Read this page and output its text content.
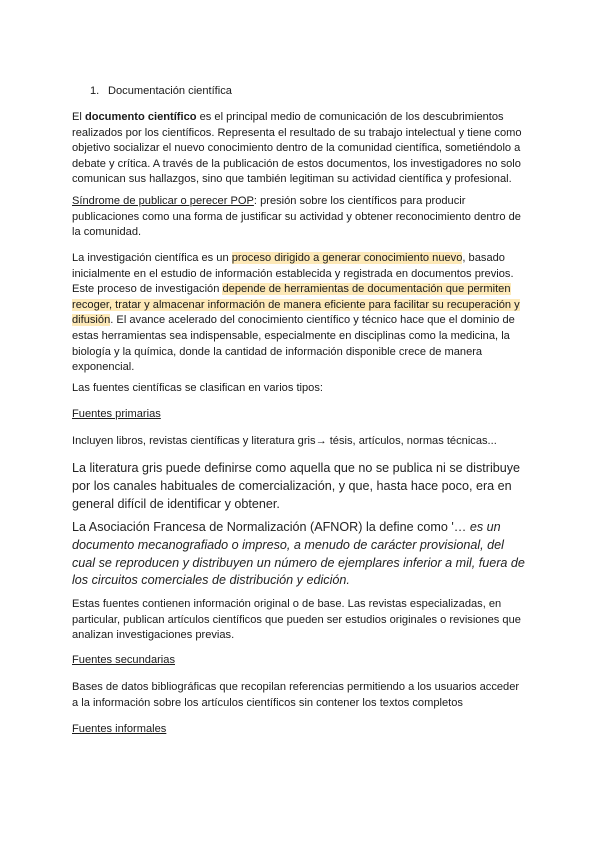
1. Documentación científica

El documento científico es el principal medio de comunicación de los descubrimientos realizados por los científicos. Representa el resultado de su trabajo intelectual y tiene como objetivo socializar el nuevo conocimiento dentro de la comunidad científica, sometiéndolo a debate y crítica. A través de la publicación de estos documentos, los investigadores no solo comunican sus hallazgos, sino que también legitiman su actividad científica y profesional.

Síndrome de publicar o perecer POP: presión sobre los científicos para producir publicaciones como una forma de justificar su actividad y obtener reconocimiento dentro de la comunidad.

La investigación científica es un proceso dirigido a generar conocimiento nuevo, basado inicialmente en el estudio de información establecida y registrada en documentos previos. Este proceso de investigación depende de herramientas de documentación que permiten recoger, tratar y almacenar información de manera eficiente para facilitar su recuperación y difusión. El avance acelerado del conocimiento científico y técnico hace que el dominio de estas herramientas sea indispensable, especialmente en disciplinas como la medicina, la biología y la química, donde la cantidad de información disponible crece de manera exponencial.

Las fuentes científicas se clasifican en varios tipos:

Fuentes primarias

Incluyen libros, revistas científicas y literatura gris→ tésis, artículos, normas técnicas...

La literatura gris puede definirse como aquella que no se publica ni se distribuye por los canales habituales de comercialización, y que, hasta hace poco, era en general difícil de identificar y obtener.

La Asociación Francesa de Normalización (AFNOR) la define como '… es un documento mecanografiado o impreso, a menudo de carácter provisional, del cual se reproducen y distribuyen un número de ejemplares inferior a mil, fuera de los circuitos comerciales de distribución y edición.

Estas fuentes contienen información original o de base. Las revistas especializadas, en particular, publican artículos científicos que pueden ser estudios originales o revisiones que analizan investigaciones previas.

Fuentes secundarias

Bases de datos bibliográficas que recopilan referencias permitiendo a los usuarios acceder a la información sobre los artículos científicos sin contener los textos completos

Fuentes informales
